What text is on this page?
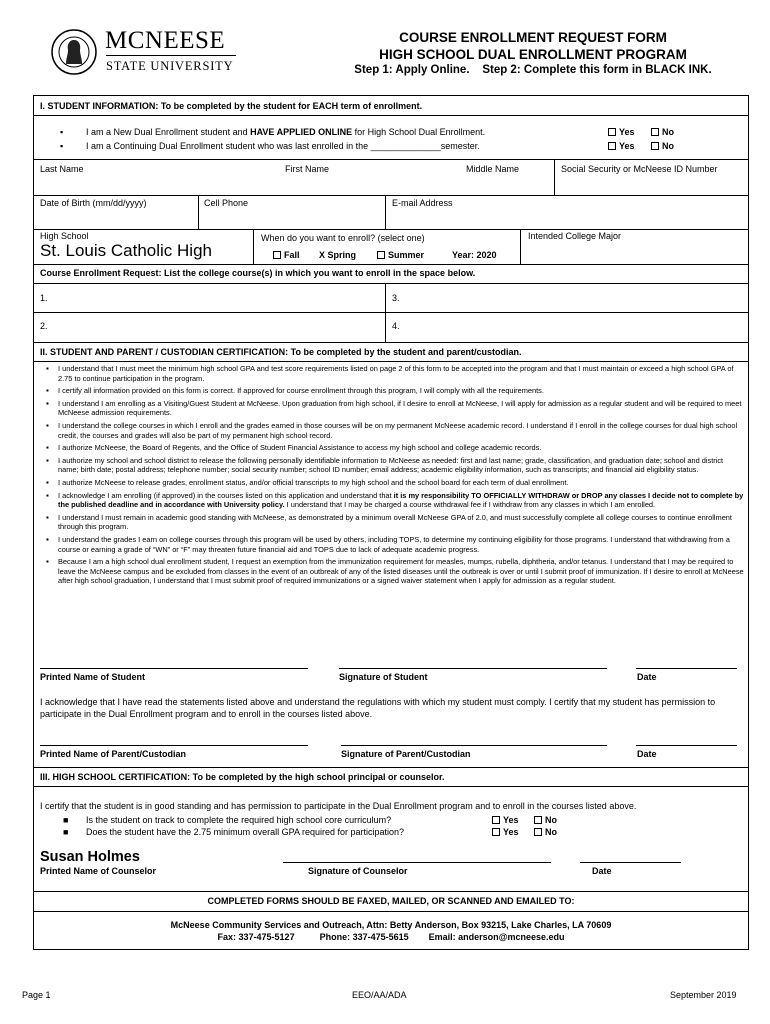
MCNEESE
STATE UNIVERSITY
COURSE ENROLLMENT REQUEST FORM
HIGH SCHOOL DUAL ENROLLMENT PROGRAM
Step 1: Apply Online. Step 2: Complete this form in BLACK INK.
I. STUDENT INFORMATION: To be completed by the student for EACH term of enrollment.
▪	I am a New Dual Enrollment student and HAVE APPLIED ONLINE for High School Dual Enrollment.
▪	I am a Continuing Dual Enrollment student who was last enrolled in the ______________semester.
Yes	No
Yes	No
Last Name	First Name	Middle Name	Social Security or McNeese ID Number
Date of Birth (mm/dd/yyyy)	Cell Phone	E-mail Address
High School
St. Louis Catholic High
When do you want to enroll? (select one)
Fall X Spring	Summer	Year: 2020
Intended College Major
Course Enrollment Request: List the college course(s) in which you want to enroll in the space below.
1.	3.
2.	4.
II. STUDENT AND PARENT / CUSTODIAN CERTIFICATION: To be completed by the student and parent/custodian.
▪ I understand that I must meet the minimum high school GPA and test score requirements listed on page 2 of this form to be accepted into the program and that I must maintain or exceed a high school GPA of 2.75 to continue participation in the program.
▪ I certify all information provided on this form is correct. If approved for course enrollment through this program, I will comply with all the requirements.
▪ I understand I am enrolling as a Visiting/Guest Student at McNeese. Upon graduation from high school, if I desire to enroll at McNeese, I will apply for admission as a regular student and will be required to meet McNeese admission requirements.
▪ I understand the college courses in which I enroll and the grades earned in those courses will be on my permanent McNeese academic record. I understand if I enroll in the college courses for dual high school credit, the courses and grades will also be part of my permanent high school record.
▪ I authorize McNeese, the Board of Regents, and the Office of Student Financial Assistance to access my high school and college academic records.
▪ I authorize my school and school district to release the following personally identifiable information to McNeese as needed: first and last name; grade, classification, and graduation date; school and district name; birth date; postal address; telephone number; social security number; school ID number; email address; academic eligibility information, such as transcripts; and financial aid eligibility status.
▪ I authorize McNeese to release grades, enrollment status, and/or official transcripts to my high school and the school board for each term of dual enrollment.
▪ I acknowledge I am enrolling (if approved) in the courses listed on this application and understand that it is my responsibility TO OFFICIALLY WITHDRAW or DROP any classes I decide not to complete by the published deadline and in accordance with University policy. I understand that I may be charged a course withdrawal fee if I withdraw from any classes in which I am enrolled.
▪ I understand I must remain in academic good standing with McNeese, as demonstrated by a minimum overall McNeese GPA of 2.0, and must successfully complete all college courses to continue enrollment through this program.
▪ I understand the grades I earn on college courses through this program will be used by others, including TOPS, to determine my continuing eligibility for those programs. I understand that withdrawing from a course or earning a grade of “WN” or “F” may threaten future financial aid and TOPS due to lack of adequate academic progress.
▪ Because I am a high school dual enrollment student, I request an exemption from the immunization requirement for measles, mumps, rubella, diphtheria, and/or tetanus. I understand that I may be required to leave the McNeese campus and be excluded from classes in the event of an outbreak of any of the listed diseases until the outbreak is over or until I submit proof of immunization. If I desire to enroll at McNeese after high school graduation, I understand that I must submit proof of required immunizations or a signed waiver statement when I apply for admission as a regular student.
Printed Name of Student	Signature of Student	Date
I acknowledge that I have read the statements listed above and understand the regulations with which my student must comply. I certify that my student has permission to participate in the Dual Enrollment program and to enroll in the courses listed above.
Printed Name of Parent/Custodian	Signature of Parent/Custodian	Date
III. HIGH SCHOOL CERTIFICATION: To be completed by the high school principal or counselor.
I certify that the student is in good standing and has permission to participate in the Dual Enrollment program and to enroll in the courses listed above.
■ Is the student on track to complete the required high school core curriculum?
■ Does the student have the 2.75 minimum overall GPA required for participation?
Yes	No
Yes	No
Susan Holmes
Printed Name of Counselor	Signature of Counselor	Date
COMPLETED FORMS SHOULD BE FAXED, MAILED, OR SCANNED AND EMAILED TO:
McNeese Community Services and Outreach, Attn: Betty Anderson, Box 93215, Lake Charles, LA 70609
Fax: 337-475-5127	Phone: 337-475-5615 Email: anderson@mcneese.edu
Page 1	EEO/AA/ADA	September 2019
